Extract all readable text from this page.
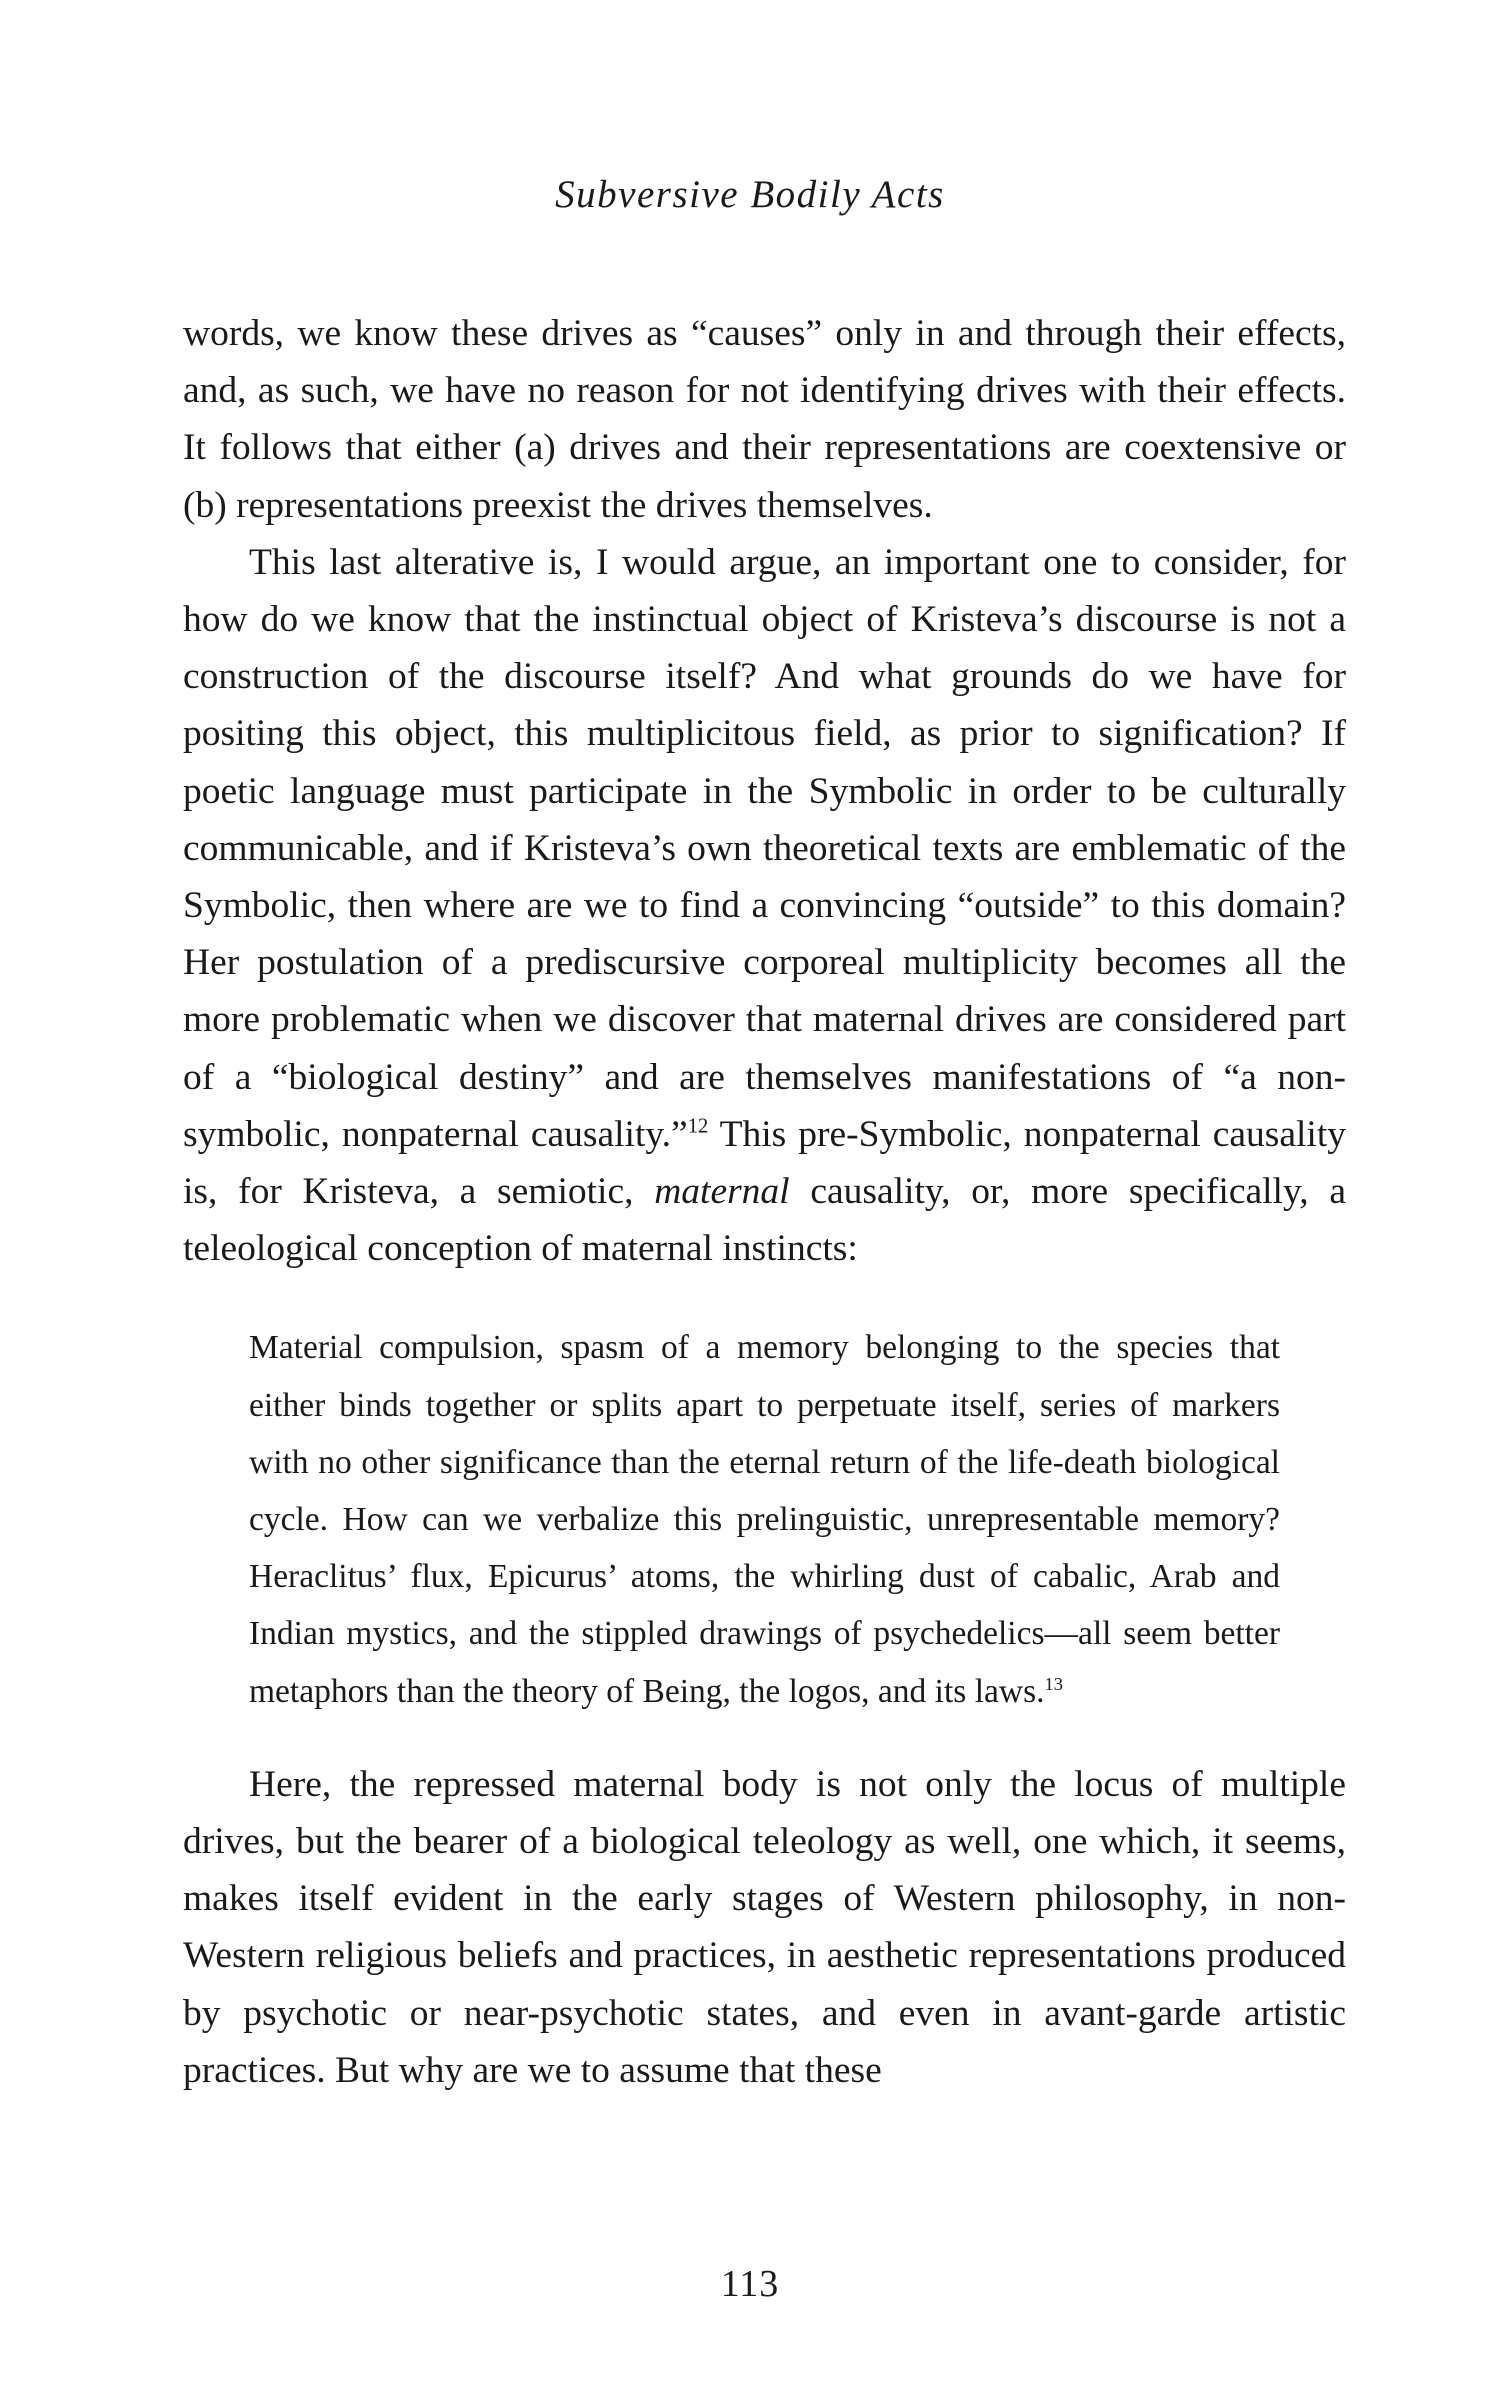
Subversive Bodily Acts

words, we know these drives as “causes” only in and through their effects, and, as such, we have no reason for not identifying drives with their effects. It follows that either (a) drives and their representations are coextensive or (b) representations preexist the drives themselves.

This last alterative is, I would argue, an important one to consider, for how do we know that the instinctual object of Kristeva’s discourse is not a construction of the discourse itself? And what grounds do we have for positing this object, this multiplicitous field, as prior to signification? If poetic language must participate in the Symbolic in order to be culturally communicable, and if Kristeva’s own theoretical texts are emblematic of the Symbolic, then where are we to find a convincing “outside” to this domain? Her postulation of a prediscursive corporeal multiplicity becomes all the more problematic when we discover that maternal drives are considered part of a “biological destiny” and are themselves manifestations of “a non-symbolic, nonpaternal causality.”$^{12}$ This pre-Symbolic, nonpaternal causality is, for Kristeva, a semiotic, maternal causality, or, more specifically, a teleological conception of maternal instincts:

Material compulsion, spasm of a memory belonging to the species that either binds together or splits apart to perpetuate itself, series of markers with no other significance than the eternal return of the life-death biological cycle. How can we verbalize this prelinguistic, unrepresentable memory? Heraclitus’ flux, Epicurus’ atoms, the whirling dust of cabalic, Arab and Indian mystics, and the stippled drawings of psychedelics—all seem better metaphors than the theory of Being, the logos, and its laws.$^{13}$

Here, the repressed maternal body is not only the locus of multiple drives, but the bearer of a biological teleology as well, one which, it seems, makes itself evident in the early stages of Western philosophy, in non-Western religious beliefs and practices, in aesthetic representations produced by psychotic or near-psychotic states, and even in avant-garde artistic practices. But why are we to assume that these

113
